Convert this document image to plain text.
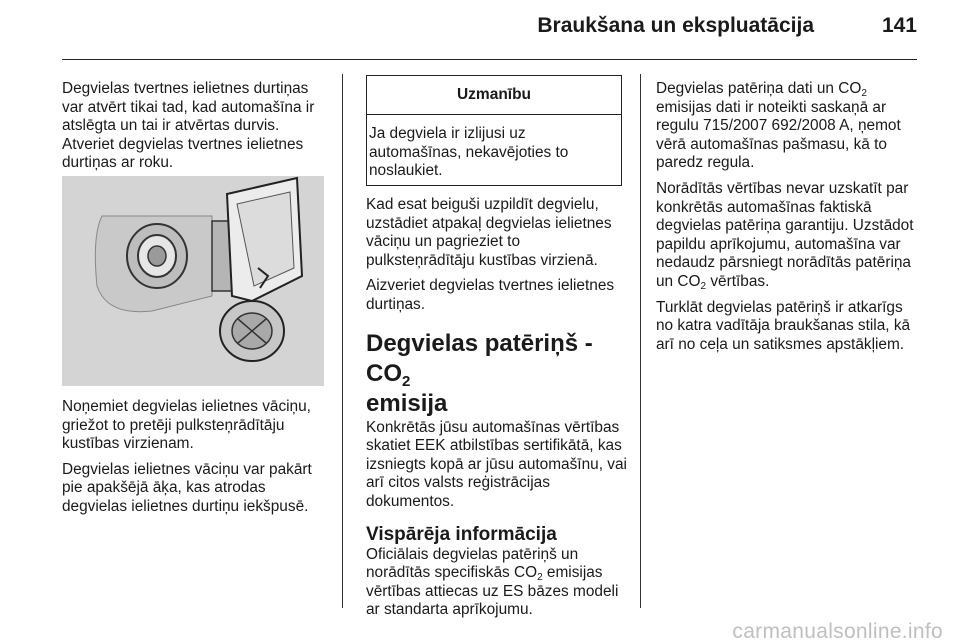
Braukšana un ekspluatācija	141

Degvielas tvertnes ielietnes durtiņas var atvērt tikai tad, kad automašīna ir atslēgta un tai ir atvērtas durvis. Atveriet degvielas tvertnes ielietnes durtiņas ar roku.

Noņemiet degvielas ielietnes vāciņu, griežot to pretēji pulksteņrādītāju kustības virzienam.

Degvielas ielietnes vāciņu var pakārt pie apakšējā āķa, kas atrodas degvielas ielietnes durtiņu iekšpusē.

Uzmanību
Ja degviela ir izlijusi uz automašīnas, nekavējoties to noslaukiet.

Kad esat beiguši uzpildīt degvielu, uzstādiet atpakaļ degvielas ielietnes vāciņu un pagrieziet to pulksteņrādītāju kustības virzienā.

Aizveriet degvielas tvertnes ielietnes durtiņas.

Degvielas patēriņš - $CO_2$
emisija

Konkrētās jūsu automašīnas vērtības skatiet EEK atbilstības sertifikātā, kas izsniegts kopā ar jūsu automašīnu, vai arī citos valsts reģistrācijas dokumentos.

Vispārēja informācija

Oficiālais degvielas patēriņš un norādītās specifiskās $CO_2$ emisijas vērtības attiecas uz ES bāzes modeli ar standarta aprīkojumu.

Degvielas patēriņa dati un $CO_2$ emisijas dati ir noteikti saskaņā ar regulu 715/2007 692/2008 A, ņemot vērā automašīnas pašmasu, kā to paredz regula.

Norādītās vērtības nevar uzskatīt par konkrētās automašīnas faktiskā degvielas patēriņa garantiju. Uzstādot papildu aprīkojumu, automašīna var nedaudz pārsniegt norādītās patēriņa un $CO_2$ vērtības.

Turklāt degvielas patēriņš ir atkarīgs no katra vadītāja braukšanas stila, kā arī no ceļa un satiksmes apstākļiem.

carmanualsonline.info
